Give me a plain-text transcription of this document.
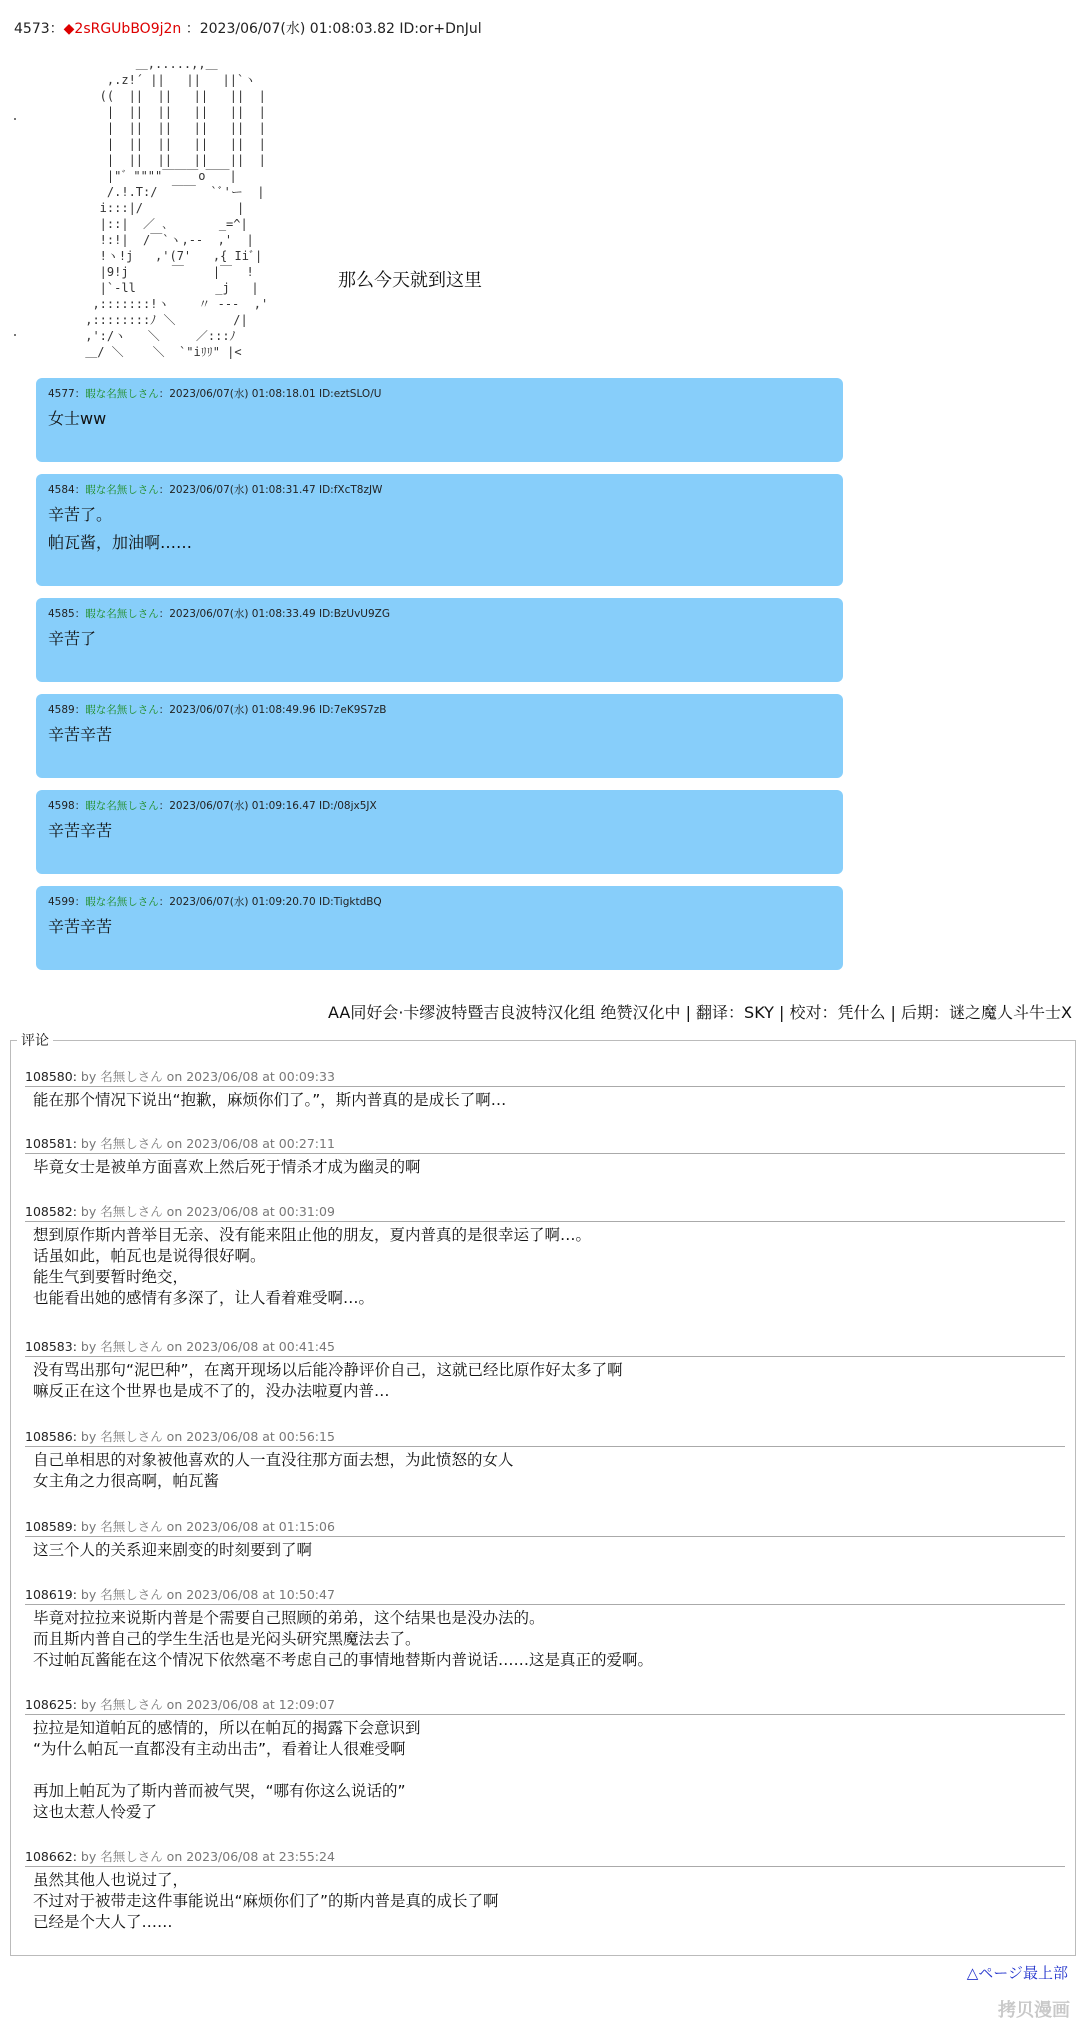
4573：◆2sRGUbBO9j2n ：2023/06/07(水) 01:08:03.82 ID:or+DnJul
＿,.....,,＿
,.z!´ ||   ||   ||`ヽ
((  ||  ||   ||   ||  |
|  ||  ||   ||   ||  |
|  ||  ||   ||   ||  |
|  ||  ||   ||   ||  |
|  ||  ||   ||   ||  |
|"゛""""￣￣￣o￣￣|
/.!.T:/  ￣￣  `ﾞ'ー  |
i:::|/             |
|::|  ／ ､       _=^|
!:!|  /￣`ヽ,-‐  ,'  |
!ヽ!j   ,'(7'   ,{ Iiﾞ|
|9!j      ￣    |￣  !
|`-ll           _j   |
,:::::::!ヽ    〃 ‐‐‐  ,'
,::::::::ﾉ ＼        /|
,':/ヽ   ＼     ／:::ﾉ
＿/ ＼    ＼  `"iﾘﾘ" |<
那么今天就到这里
4577：暇な名無しさん：2023/06/07(水) 01:08:18.01 ID:eztSLO/U
女士ww
4584：暇な名無しさん：2023/06/07(水) 01:08:31.47 ID:fXcT8zJW
辛苦了。
帕瓦酱，加油啊……
4585：暇な名無しさん：2023/06/07(水) 01:08:33.49 ID:BzUvU9ZG
辛苦了
4589：暇な名無しさん：2023/06/07(水) 01:08:49.96 ID:7eK9S7zB
辛苦辛苦
4598：暇な名無しさん：2023/06/07(水) 01:09:16.47 ID:/08jx5JX
辛苦辛苦
4599：暇な名無しさん：2023/06/07(水) 01:09:20.70 ID:TigktdBQ
辛苦辛苦
AA同好会·卡缪波特暨吉良波特汉化组 绝赞汉化中 | 翻译：SKY | 校对：凭什么 | 后期：谜之魔人斗牛士X
评论
108580: by 名無しさん on 2023/06/08 at 00:09:33
能在那个情况下说出“抱歉，麻烦你们了。”，斯内普真的是成长了啊…
108581: by 名無しさん on 2023/06/08 at 00:27:11
毕竟女士是被单方面喜欢上然后死于情杀才成为幽灵的啊
108582: by 名無しさん on 2023/06/08 at 00:31:09
想到原作斯内普举目无亲、没有能来阻止他的朋友，夏内普真的是很幸运了啊…。
话虽如此，帕瓦也是说得很好啊。
能生气到要暂时绝交，
也能看出她的感情有多深了，让人看着难受啊…。
108583: by 名無しさん on 2023/06/08 at 00:41:45
没有骂出那句“泥巴种”，在离开现场以后能冷静评价自己，这就已经比原作好太多了啊
嘛反正在这个世界也是成不了的，没办法啦夏内普…
108586: by 名無しさん on 2023/06/08 at 00:56:15
自己单相思的对象被他喜欢的人一直没往那方面去想，为此愤怒的女人
女主角之力很高啊，帕瓦酱
108589: by 名無しさん on 2023/06/08 at 01:15:06
这三个人的关系迎来剧变的时刻要到了啊
108619: by 名無しさん on 2023/06/08 at 10:50:47
毕竟对拉拉来说斯内普是个需要自己照顾的弟弟，这个结果也是没办法的。
而且斯内普自己的学生生活也是光闷头研究黑魔法去了。
不过帕瓦酱能在这个情况下依然毫不考虑自己的事情地替斯内普说话……这是真正的爱啊。
108625: by 名無しさん on 2023/06/08 at 12:09:07
拉拉是知道帕瓦的感情的，所以在帕瓦的揭露下会意识到
“为什么帕瓦一直都没有主动出击”，看着让人很难受啊

再加上帕瓦为了斯内普而被气哭，“哪有你这么说话的”
这也太惹人怜爱了
108662: by 名無しさん on 2023/06/08 at 23:55:24
虽然其他人也说过了，
不过对于被带走这件事能说出“麻烦你们了”的斯内普是真的成长了啊
已经是个大人了……
△ページ最上部
拷贝漫画
